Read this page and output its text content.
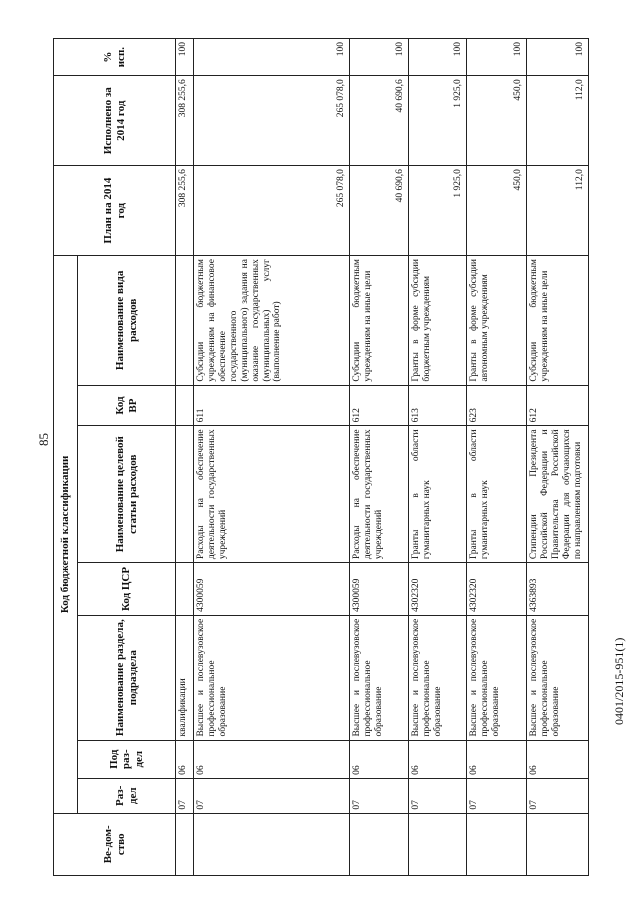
85
Ве-дом-ство	Код бюджетной классификации							План на 2014 год	Исполнено за 2014 год	% исп.
	Раз-дел	Под раз-дел	Наименование раздела, подраздела	Код ЦСР	Наименование целевой статьи расходов	Код ВР	Наименование вида расходов			
	07	06	квалификации					308 255,6	308 255,6	100
	07	06	Высшее и послевузовское профессиональное образование	4300059	Расходы на обеспечение деятельности государственных учреждений	611	Субсидии бюджетным учреждениям на финансовое обеспечение государственного (муниципального) задания на оказание государственных (муниципальных) услуг (выполнение работ)	265 078,0	265 078,0	100
	07	06	Высшее и послевузовское профессиональное образование	4300059	Расходы на обеспечение деятельности государственных учреждений	612	Субсидии бюджетным учреждениям на иные цели	40 690,6	40 690,6	100
	07	06	Высшее и послевузовское профессиональное образование	4302320	Гранты в области гуманитарных наук	613	Гранты в форме субсидии бюджетным учреждениям	1 925,0	1 925,0	100
	07	06	Высшее и послевузовское профессиональное образование	4302320	Гранты в области гуманитарных наук	623	Гранты в форме субсидии автономным учреждениям	450,0	450,0	100
	07	06	Высшее и послевузовское профессиональное образование	4363893	Стипендии Президента Российской Федерации и Правительства Российской Федерации для обучающихся по направлениям подготовки	612	Субсидии бюджетным учреждениям на иные цели	112,0	112,0	100
0401/2015-951(1)
